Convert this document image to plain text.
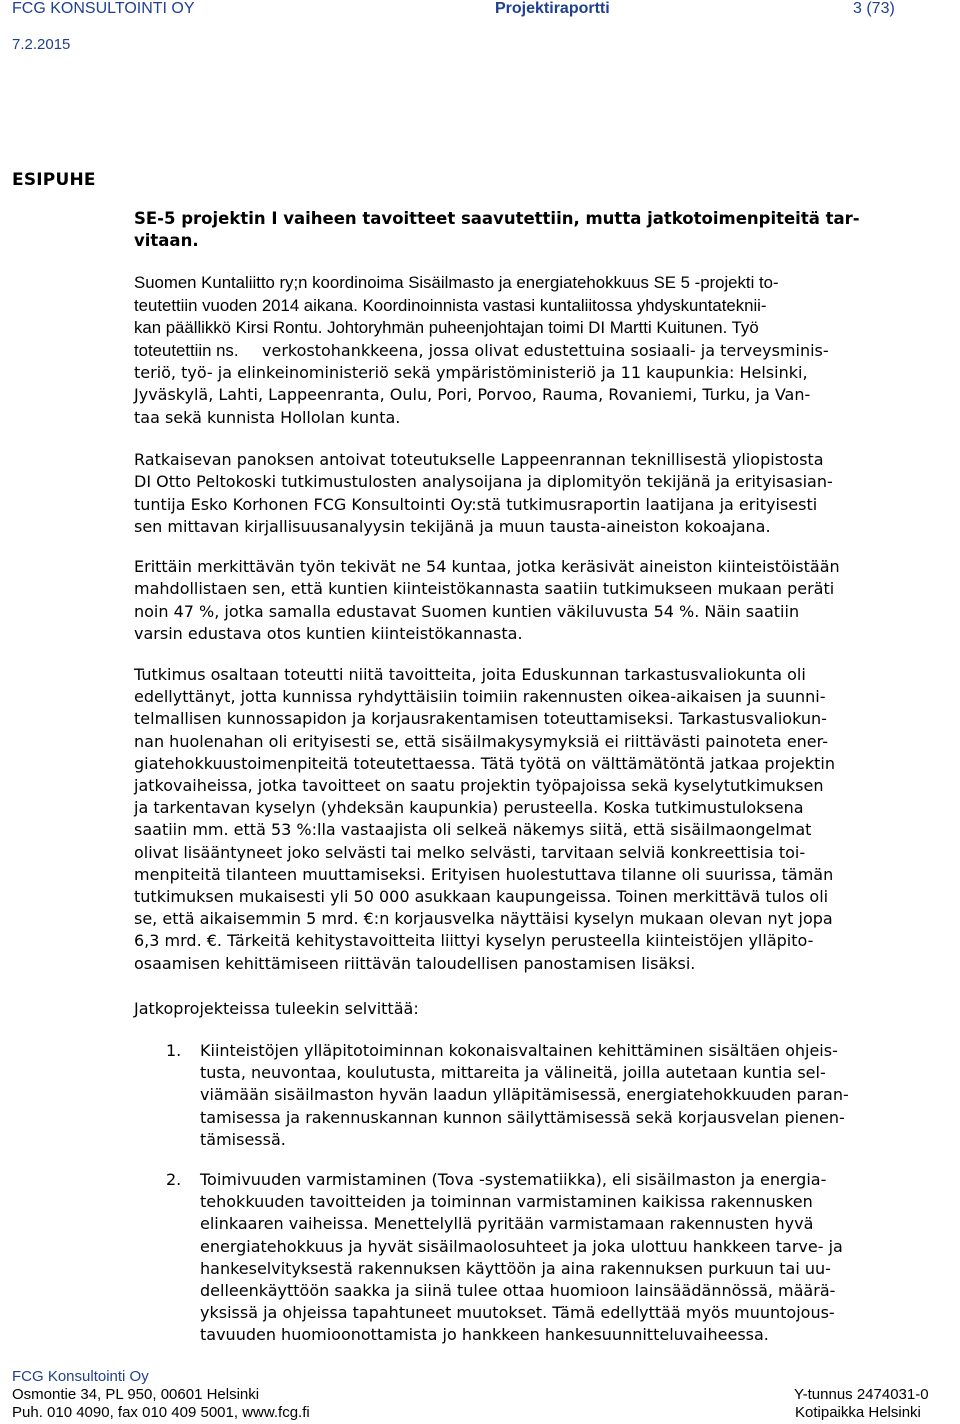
FCG KONSULTOINTI OY	Projektiraportti	3 (73)
7.2.2015
ESIPUHE
SE-5 projektin I vaiheen tavoitteet saavutettiin, mutta jatkotoimenpiteitä tar-
vitaan.
Suomen Kuntaliitto ry;n koordinoima Sisäilmasto ja energiatehokkuus SE 5 -projekti to-
teutettiin vuoden 2014 aikana. Koordinoinnista vastasi kuntaliitossa yhdyskuntateknii-
kan päällikkö Kirsi Rontu. Johtoryhmän puheenjohtajan toimi DI Martti Kuitunen. Työ
toteutettiin ns.	verkostohankkeena, jossa olivat edustettuina sosiaali- ja terveysminis-
teriö, työ- ja elinkeinoministeriö sekä ympäristöministeriö ja 11 kaupunkia: Helsinki,
Jyväskylä, Lahti, Lappeenranta, Oulu, Pori, Porvoo, Rauma, Rovaniemi, Turku, ja Van-
taa sekä kunnista Hollolan kunta.
Ratkaisevan panoksen antoivat toteutukselle Lappeenrannan teknillisestä yliopistosta
DI Otto Peltokoski tutkimustulosten analysoijana ja diplomityön tekijänä ja erityisasian-
tuntija Esko Korhonen FCG Konsultointi Oy:stä tutkimusraportin laatijana ja erityisesti
sen mittavan kirjallisuusanalyysin tekijänä ja muun tausta-aineiston kokoajana.
Erittäin merkittävän työn tekivät ne 54 kuntaa, jotka keräsivät aineiston kiinteistöistään
mahdollistaen sen, että kuntien kiinteistökannasta saatiin tutkimukseen mukaan peräti
noin 47 %, jotka samalla edustavat Suomen kuntien väkiluvusta 54 %. Näin saatiin
varsin edustava otos kuntien kiinteistökannasta.
Tutkimus osaltaan toteutti niitä tavoitteita, joita Eduskunnan tarkastusvaliokunta oli
edellyttänyt, jotta kunnissa ryhdyttäisiin toimiin rakennusten oikea-aikaisen ja suunni-
telmallisen kunnossapidon ja korjausrakentamisen toteuttamiseksi. Tarkastusvaliokun-
nan huolenahan oli erityisesti se, että sisäilmakysymyksiä ei riittävästi painoteta ener-
giatehokkuustoimenpiteitä toteutettaessa. Tätä työtä on välttämätöntä jatkaa projektin
jatkovaiheissa, jotka tavoitteet on saatu projektin työpajoissa sekä kyselytutkimuksen
ja tarkentavan kyselyn (yhdeksän kaupunkia) perusteella. Koska tutkimustuloksena
saatiin mm. että 53 %:lla vastaajista oli selkeä näkemys siitä, että sisäilmaongelmat
olivat lisääntyneet joko selvästi tai melko selvästi, tarvitaan selviä konkreettisia toi-
menpiteitä tilanteen muuttamiseksi. Erityisen huolestuttava tilanne oli suurissa, tämän
tutkimuksen mukaisesti yli 50 000 asukkaan kaupungeissa. Toinen merkittävä tulos oli
se, että aikaisemmin 5 mrd. €:n korjausvelka näyttäisi kyselyn mukaan olevan nyt jopa
6,3 mrd. €. Tärkeitä kehitystavoitteita liittyi kyselyn perusteella kiinteistöjen ylläpito-
osaamisen kehittämiseen riittävän taloudellisen panostamisen lisäksi.
Jatkoprojekteissa tuleekin selvittää:
1. Kiinteistöjen ylläpitotoiminnan kokonaisvaltainen kehittäminen sisältäen ohjeis-
tusta, neuvontaa, koulutusta, mittareita ja välineitä, joilla autetaan kuntia sel-
viämään sisäilmaston hyvän laadun ylläpitämisessä, energiatehokkuuden paran-
tamisessa ja rakennuskannan kunnon säilyttämisessä sekä korjausvelan pienen-
tämisessä.
2. Toimivuuden varmistaminen (Tova -systematiikka), eli sisäilmaston ja energia-
tehokkuuden tavoitteiden ja toiminnan varmistaminen kaikissa rakennusken
elinkaaren vaiheissa. Menettelyllä pyritään varmistamaan rakennusten hyvä
energiatehokkuus ja hyvät sisäilmaolosuhteet ja joka ulottuu hankkeen tarve- ja
hankeselvityksestä rakennuksen käyttöön ja aina rakennuksen purkuun tai uu-
delleenkäyttöön saakka ja siinä tulee ottaa huomioon lainsäädännössä, määrä-
yksissä ja ohjeissa tapahtuneet muutokset. Tämä edellyttää myös muuntojous-
tavuuden huomioonottamista jo hankkeen hankesuunnitteluvaiheessa.
FCG Konsultointi Oy
Osmontie 34, PL 950, 00601 Helsinki
Puh. 010 4090, fax 010 409 5001, www.fcg.fi
Y-tunnus 2474031-0
Kotipaikka Helsinki
